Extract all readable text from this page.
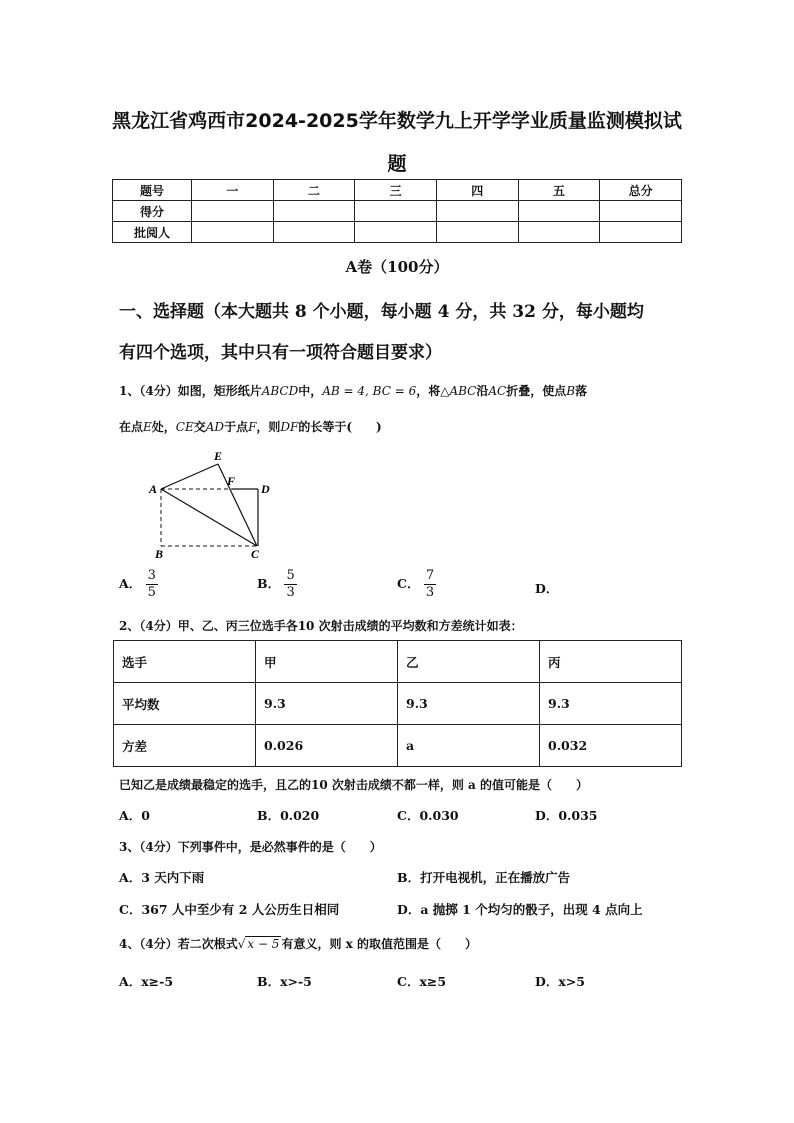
黑龙江省鸡西市2024-2025学年数学九上开学学业质量监测模拟试
题
题号	一	二	三	四	五	总分
得分						
批阅人						
A卷（100分）
一、选择题（本大题共 8 个小题，每小题 4 分，共 32 分，每小题均
有四个选项，其中只有一项符合题目要求）
1、（4分）如图，矩形纸片ABCD中，AB = 4, BC = 6，将△ABC沿AC折叠，使点B落
在点E处，CE交AD于点F，则DF的长等于(　　)
A
B	C
D
E
F
A． $\frac{3}{5}$	B． $\frac{5}{3}$	C． $\frac{7}{3}$	D．
2、（4分）甲、乙、丙三位选手各10 次射击成绩的平均数和方差统计如表：
选手	甲	乙	丙
平均数	9.3	9.3	9.3
方差	0.026	a	0.032
已知乙是成绩最稳定的选手，且乙的10 次射击成绩不都一样，则 a 的值可能是（　　）
A．0	B．0.020	C．0.030	D．0.035
3、（4分）下列事件中，是必然事件的是（　　）
A．3 天内下雨	B．打开电视机，正在播放广告
C．367 人中至少有 2 人公历生日相同	D．a 抛掷 1 个均匀的骰子，出现 4 点向上
4、（4分）若二次根式√ x − 5 有意义，则 x 的取值范围是（　　）
A．x≥-5	B．x>-5	C．x≥5	D．x>5
